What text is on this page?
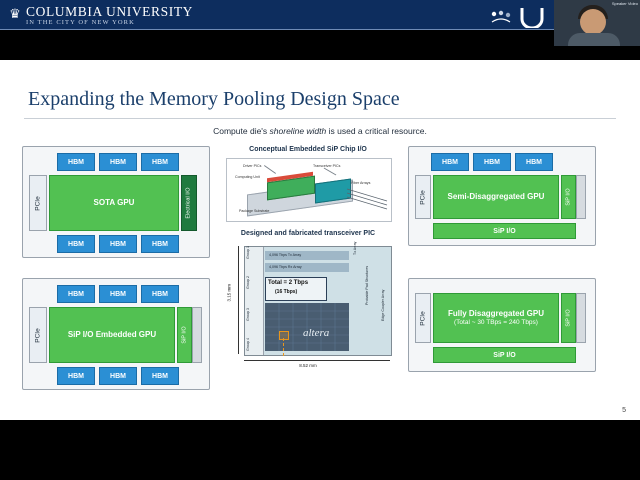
♛ COLUMBIA UNIVERSITY
IN THE CITY OF NEW YORK
Speaker Video
Expanding the Memory Pooling Design Space
Compute die's shoreline width is used a critical resource.
HBM	HBM	HBM
PCIe	SOTA GPU	Electrical I/O
HBM	HBM	HBM
HBM	HBM	HBM
PCIe	SiP I/O Embedded GPU	SiP I/O
HBM	HBM	HBM
HBM	HBM	HBM
PCIe	Semi-Disaggregated GPU	SiP I/O
SiP I/O
PCIe	Fully Disaggregated GPU
(Total ~ 30 TBps = 240 Tbps)	SiP I/O
SiP I/O
Conceptual Embedded SiP Chip I/O
Driver PICs
Computing Unit
Transceiver PICs
Fiber Arrays
Package Substrate
Designed and fabricated transceiver PIC
3.15 mm
Group 1
Group 2
Group 3
Group 4
4,096 Tbps Tx Array
4,096 Tbps Rx Array
Total = 2 Tbps
(16 Tbps)
altera
Tx Array
Probable Pad Structures
Edge Coupler Array
8.52 mm
5
